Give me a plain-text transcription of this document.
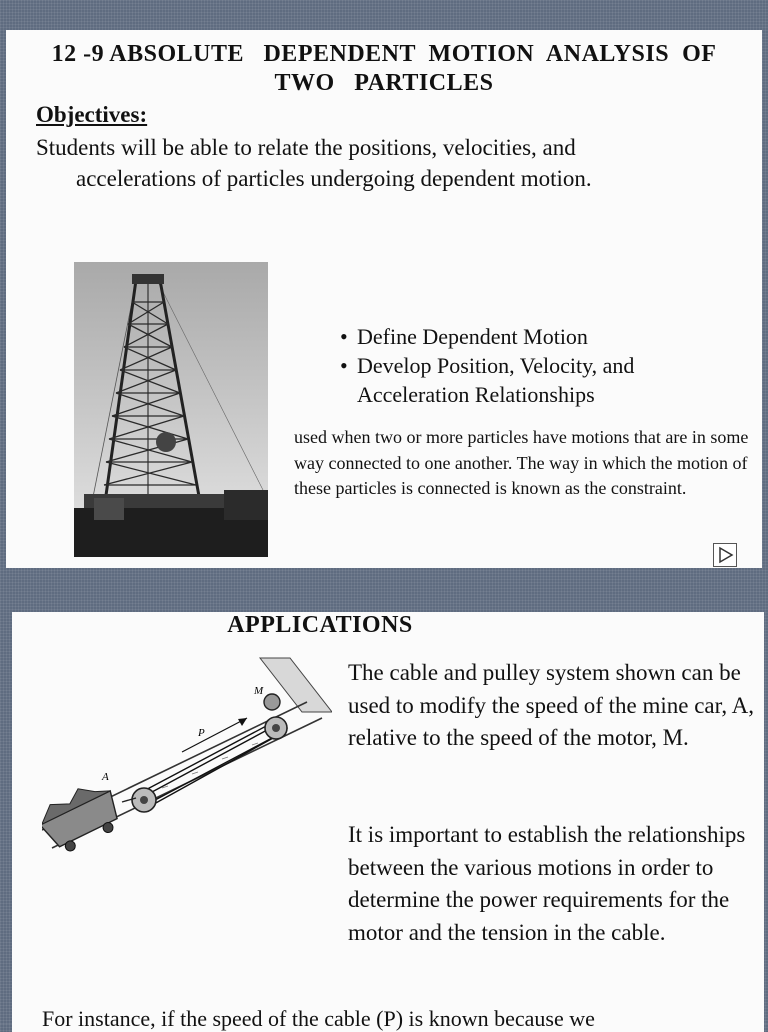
12 -9 ABSOLUTE   DEPENDENT  MOTION  ANALYSIS  OF
TWO   PARTICLES
Objectives:
Students will be able to relate the positions, velocities, and
accelerations of particles undergoing dependent motion.
• Define Dependent Motion
• Develop Position, Velocity, and
Acceleration Relationships
used when two or more particles have motions that are in some way connected to one another. The way in which the motion of these particles is connected is known as the constraint.
APPLICATIONS
A
P
M

The cable and pulley system shown can be used to modify the speed of the mine car, A, relative to the speed of the motor, M.

It is important to establish the relationships between the various motions in order to determine the power requirements for the motor and the tension in the cable.

For instance, if the speed of the cable (P) is known because we
